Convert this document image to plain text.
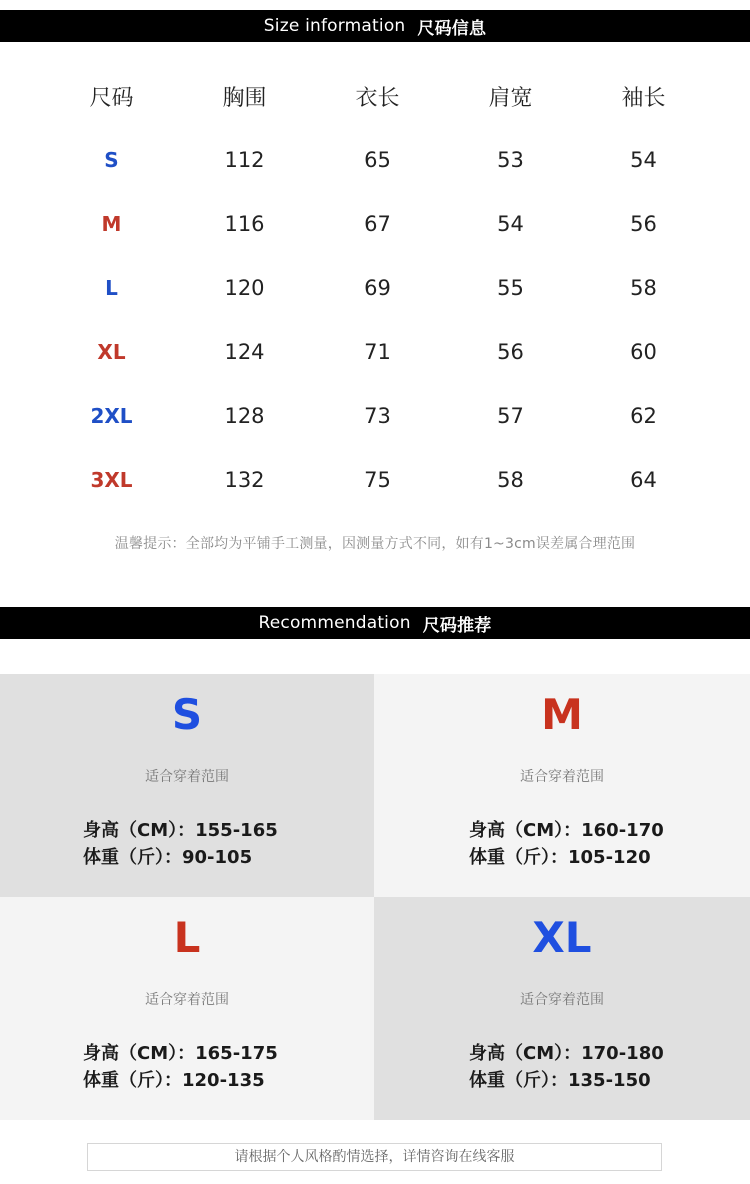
Size information 尺码信息
尺码	胸围	衣长	肩宽	袖长
S	112	65	53	54
M	116	67	54	56
L	120	69	55	58
XL	124	71	56	60
2XL	128	73	57	62
3XL	132	75	58	64
温馨提示：全部均为平铺手工测量，因测量方式不同，如有1~3cm误差属合理范围
Recommendation 尺码推荐
S
适合穿着范围
身高（CM）：155-165
体重（斤）：90-105
M
适合穿着范围
身高（CM）：160-170
体重（斤）：105-120
L
适合穿着范围
身高（CM）：165-175
体重（斤）：120-135
XL
适合穿着范围
身高（CM）：170-180
体重（斤）：135-150
请根据个人风格酌情选择，详情咨询在线客服
